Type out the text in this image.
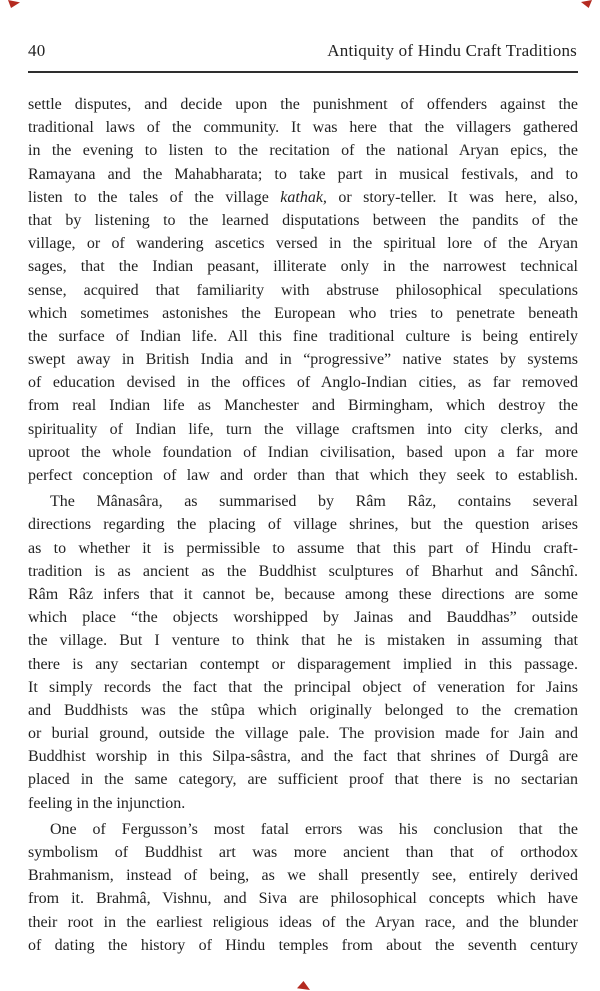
40	Antiquity of Hindu Craft Traditions
settle disputes, and decide upon the punishment of offenders against the
traditional laws of the community. It was here that the villagers gathered
in the evening to listen to the recitation of the national Aryan epics, the
Ramayana and the Mahabharata; to take part in musical festivals, and to
listen to the tales of the village kathak, or story-teller. It was here, also,
that by listening to the learned disputations between the pandits of the
village, or of wandering ascetics versed in the spiritual lore of the Aryan
sages, that the Indian peasant, illiterate only in the narrowest technical
sense, acquired that familiarity with abstruse philosophical speculations
which sometimes astonishes the European who tries to penetrate beneath
the surface of Indian life. All this fine traditional culture is being entirely
swept away in British India and in “progressive” native states by systems
of education devised in the offices of Anglo-Indian cities, as far removed
from real Indian life as Manchester and Birmingham, which destroy the
spirituality of Indian life, turn the village craftsmen into city clerks, and
uproot the whole foundation of Indian civilisation, based upon a far more
perfect conception of law and order than that which they seek to establish.
The Mânasâra, as summarised by Râm Râz, contains several
directions regarding the placing of village shrines, but the question arises
as to whether it is permissible to assume that this part of Hindu craft-
tradition is as ancient as the Buddhist sculptures of Bharhut and Sânchî.
Râm Râz infers that it cannot be, because among these directions are some
which place “the objects worshipped by Jainas and Bauddhas” outside
the village. But I venture to think that he is mistaken in assuming that
there is any sectarian contempt or disparagement implied in this passage.
It simply records the fact that the principal object of veneration for Jains
and Buddhists was the stûpa which originally belonged to the cremation
or burial ground, outside the village pale. The provision made for Jain and
Buddhist worship in this Silpa-sâstra, and the fact that shrines of Durgâ are
placed in the same category, are sufficient proof that there is no sectarian
feeling in the injunction.
One of Fergusson’s most fatal errors was his conclusion that the
symbolism of Buddhist art was more ancient than that of orthodox
Brahmanism, instead of being, as we shall presently see, entirely derived
from it. Brahmâ, Vishnu, and Siva are philosophical concepts which have
their root in the earliest religious ideas of the Aryan race, and the blunder
of dating the history of Hindu temples from about the seventh century
